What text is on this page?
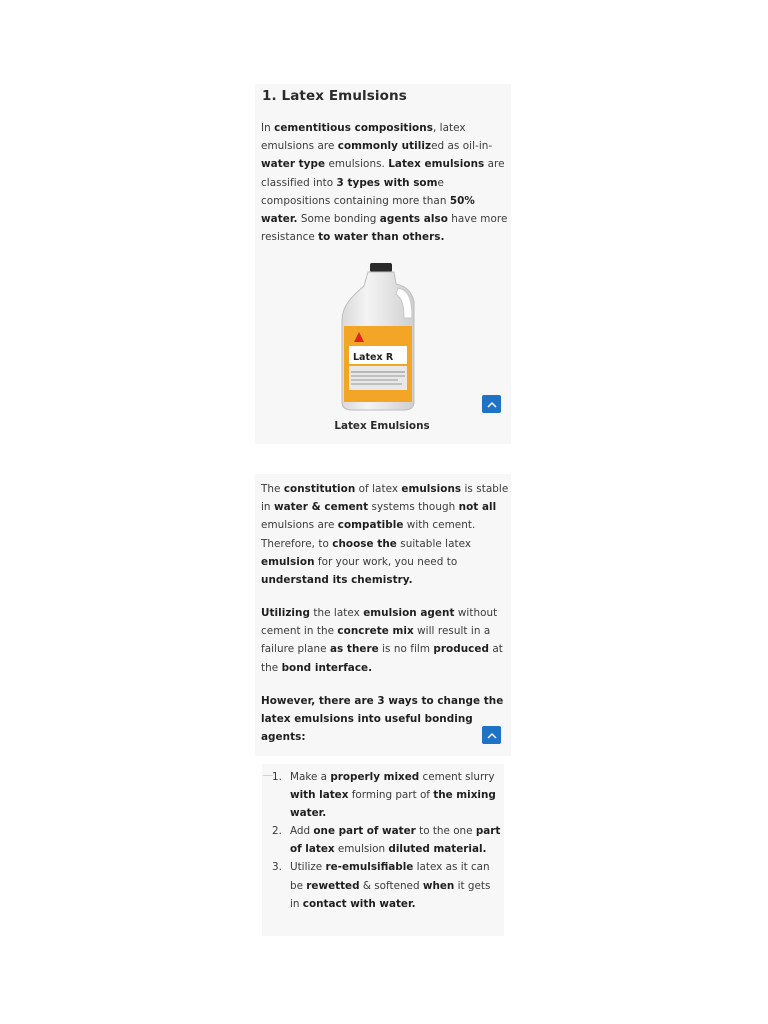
1. Latex Emulsions

In cementitious compositions, latex emulsions are commonly utilized as oil-in-water type emulsions. Latex emulsions are classified into 3 types with some compositions containing more than 50% water. Some bonding agents also have more resistance to water than others.

Latex R
Latex Emulsions

The constitution of latex emulsions is stable in water & cement systems though not all emulsions are compatible with cement. Therefore, to choose the suitable latex emulsion for your work, you need to understand its chemistry.

Utilizing the latex emulsion agent without cement in the concrete mix will result in a failure plane as there is no film produced at the bond interface.

However, there are 3 ways to change the latex emulsions into useful bonding agents:

1. Make a properly mixed cement slurry with latex forming part of the mixing water.
2. Add one part of water to the one part of latex emulsion diluted material.
3. Utilize re-emulsifiable latex as it can be rewetted & softened when it gets in contact with water.
